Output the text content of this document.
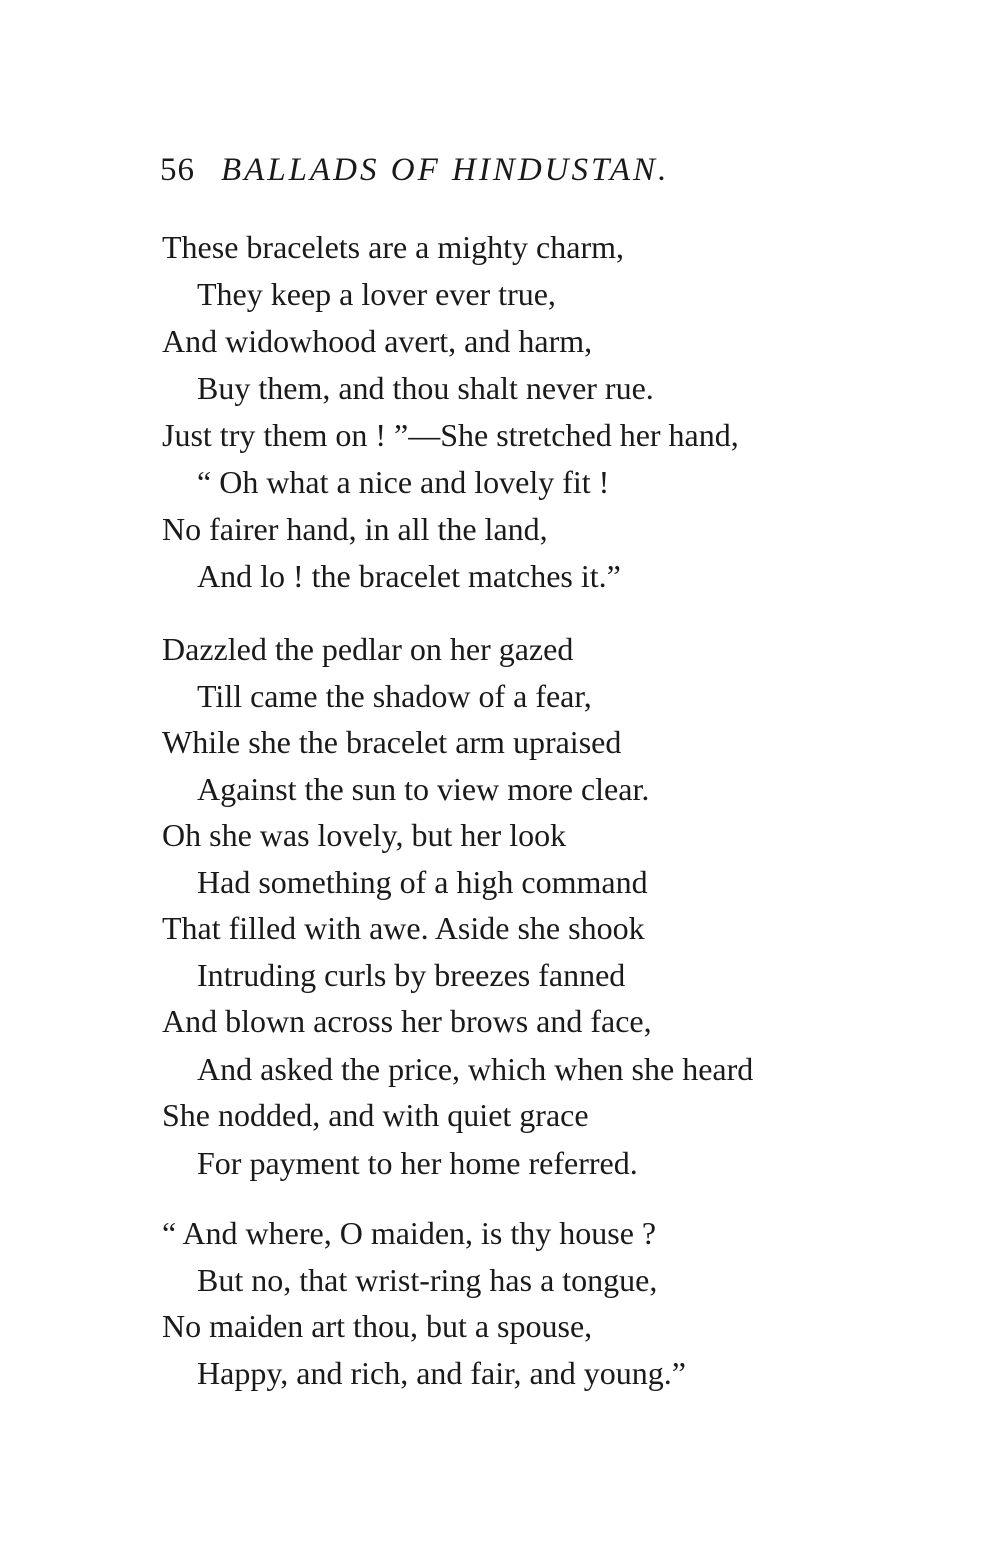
56 BALLADS OF HINDUSTAN.
These bracelets are a mighty charm,
They keep a lover ever true,
And widowhood avert, and harm,
Buy them, and thou shalt never rue.
Just try them on ! ”—She stretched her hand,
“ Oh what a nice and lovely fit !
No fairer hand, in all the land,
And lo ! the bracelet matches it.”
Dazzled the pedlar on her gazed
Till came the shadow of a fear,
While she the bracelet arm upraised
Against the sun to view more clear.
Oh she was lovely, but her look
Had something of a high command
That filled with awe. Aside she shook
Intruding curls by breezes fanned
And blown across her brows and face,
And asked the price, which when she heard
She nodded, and with quiet grace
For payment to her home referred.
“ And where, O maiden, is thy house ?
But no, that wrist-ring has a tongue,
No maiden art thou, but a spouse,
Happy, and rich, and fair, and young.”
